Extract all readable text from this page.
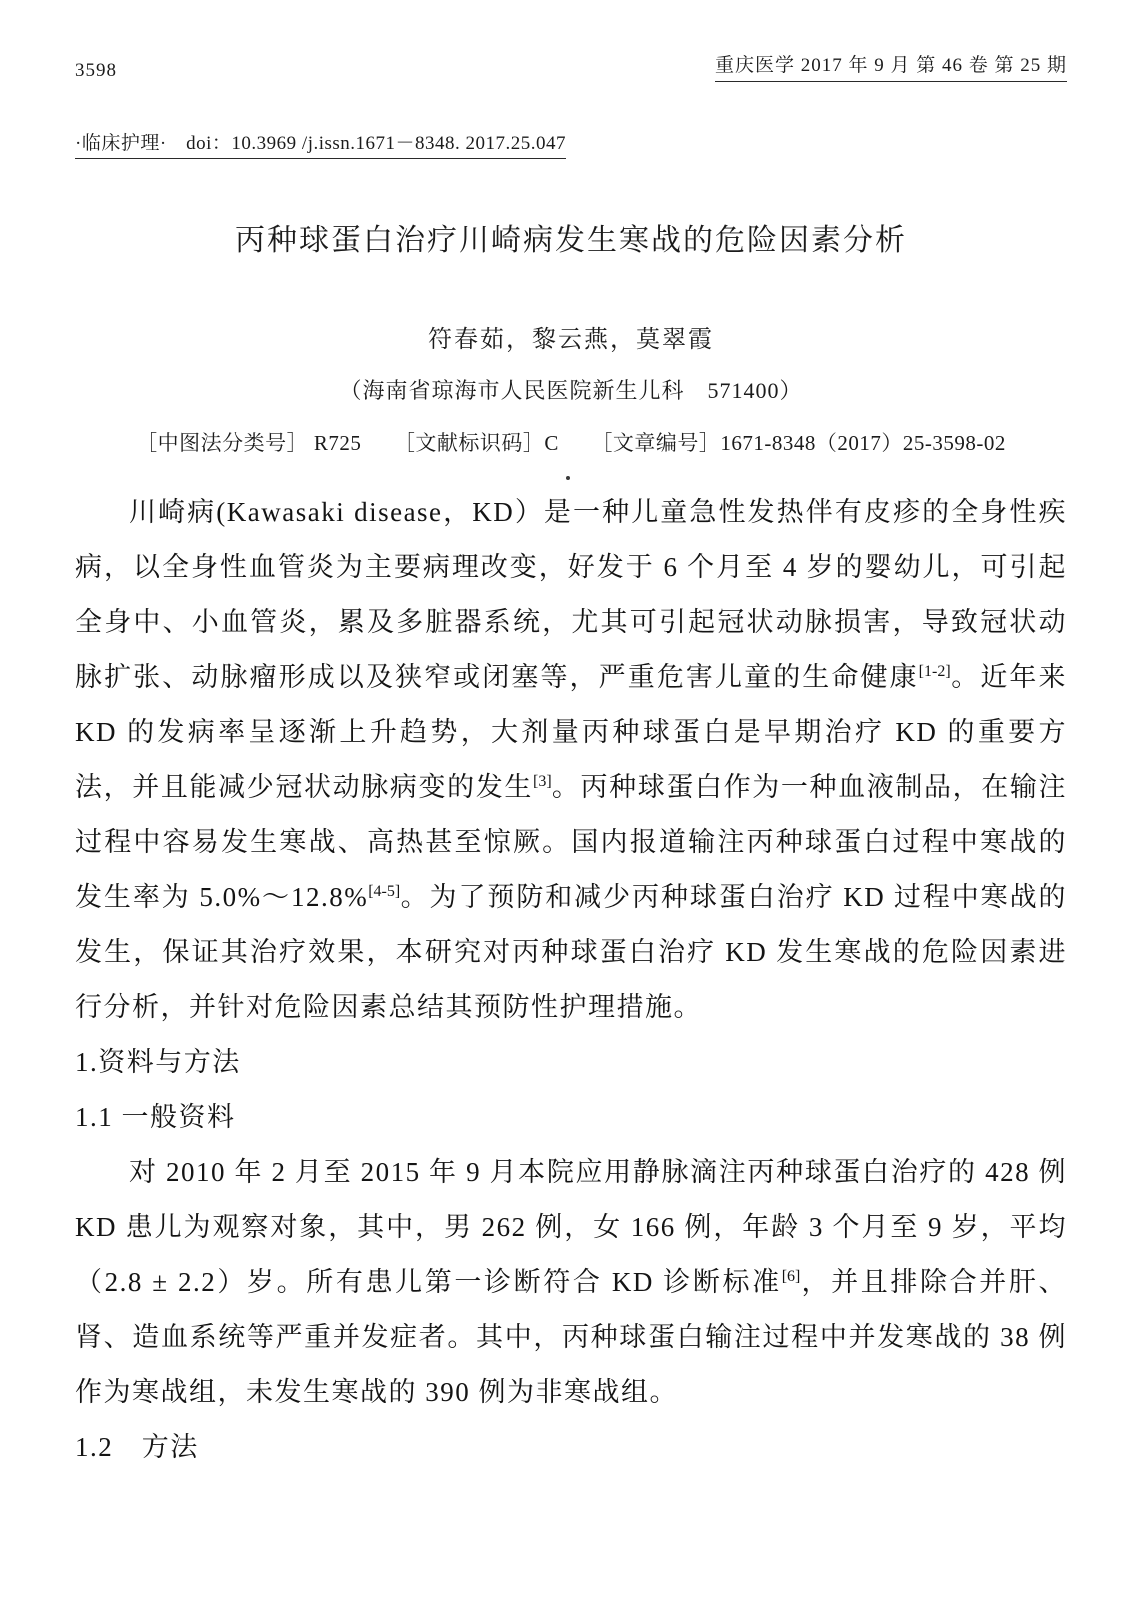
3598	重庆医学 2017 年 9 月 第 46 卷 第 25 期
·临床护理·　doi：10.3969 /j.issn.1671－8348. 2017.25.047
丙种球蛋白治疗川崎病发生寒战的危险因素分析
符春茹，黎云燕，莫翠霞
（海南省琼海市人民医院新生儿科　571400）
［中图法分类号］ R725　　［文献标识码］C　　［文章编号］1671-8348（2017）25-3598-02

川崎病(Kawasaki disease，KD）是一种儿童急性发热伴有皮疹的全身性疾病，以全身性血管炎为主要病理改变，好发于 6 个月至 4 岁的婴幼儿，可引起全身中、小血管炎，累及多脏器系统，尤其可引起冠状动脉损害，导致冠状动脉扩张、动脉瘤形成以及狭窄或闭塞等，严重危害儿童的生命健康[1-2]。近年来 KD 的发病率呈逐渐上升趋势，大剂量丙种球蛋白是早期治疗 KD 的重要方法，并且能减少冠状动脉病变的发生[3]。丙种球蛋白作为一种血液制品，在输注过程中容易发生寒战、高热甚至惊厥。国内报道输注丙种球蛋白过程中寒战的发生率为 5.0%～12.8%[4-5]。为了预防和减少丙种球蛋白治疗 KD 过程中寒战的发生，保证其治疗效果，本研究对丙种球蛋白治疗 KD 发生寒战的危险因素进行分析，并针对危险因素总结其预防性护理措施。

1.资料与方法
1.1 一般资料

对 2010 年 2 月至 2015 年 9 月本院应用静脉滴注丙种球蛋白治疗的 428 例 KD 患儿为观察对象，其中，男 262 例，女 166 例，年龄 3 个月至 9 岁，平均（2.8 ± 2.2）岁。所有患儿第一诊断符合 KD 诊断标准[6]，并且排除合并肝、肾、造血系统等严重并发症者。其中，丙种球蛋白输注过程中并发寒战的 38 例作为寒战组，未发生寒战的 390 例为非寒战组。

1.2　方法
